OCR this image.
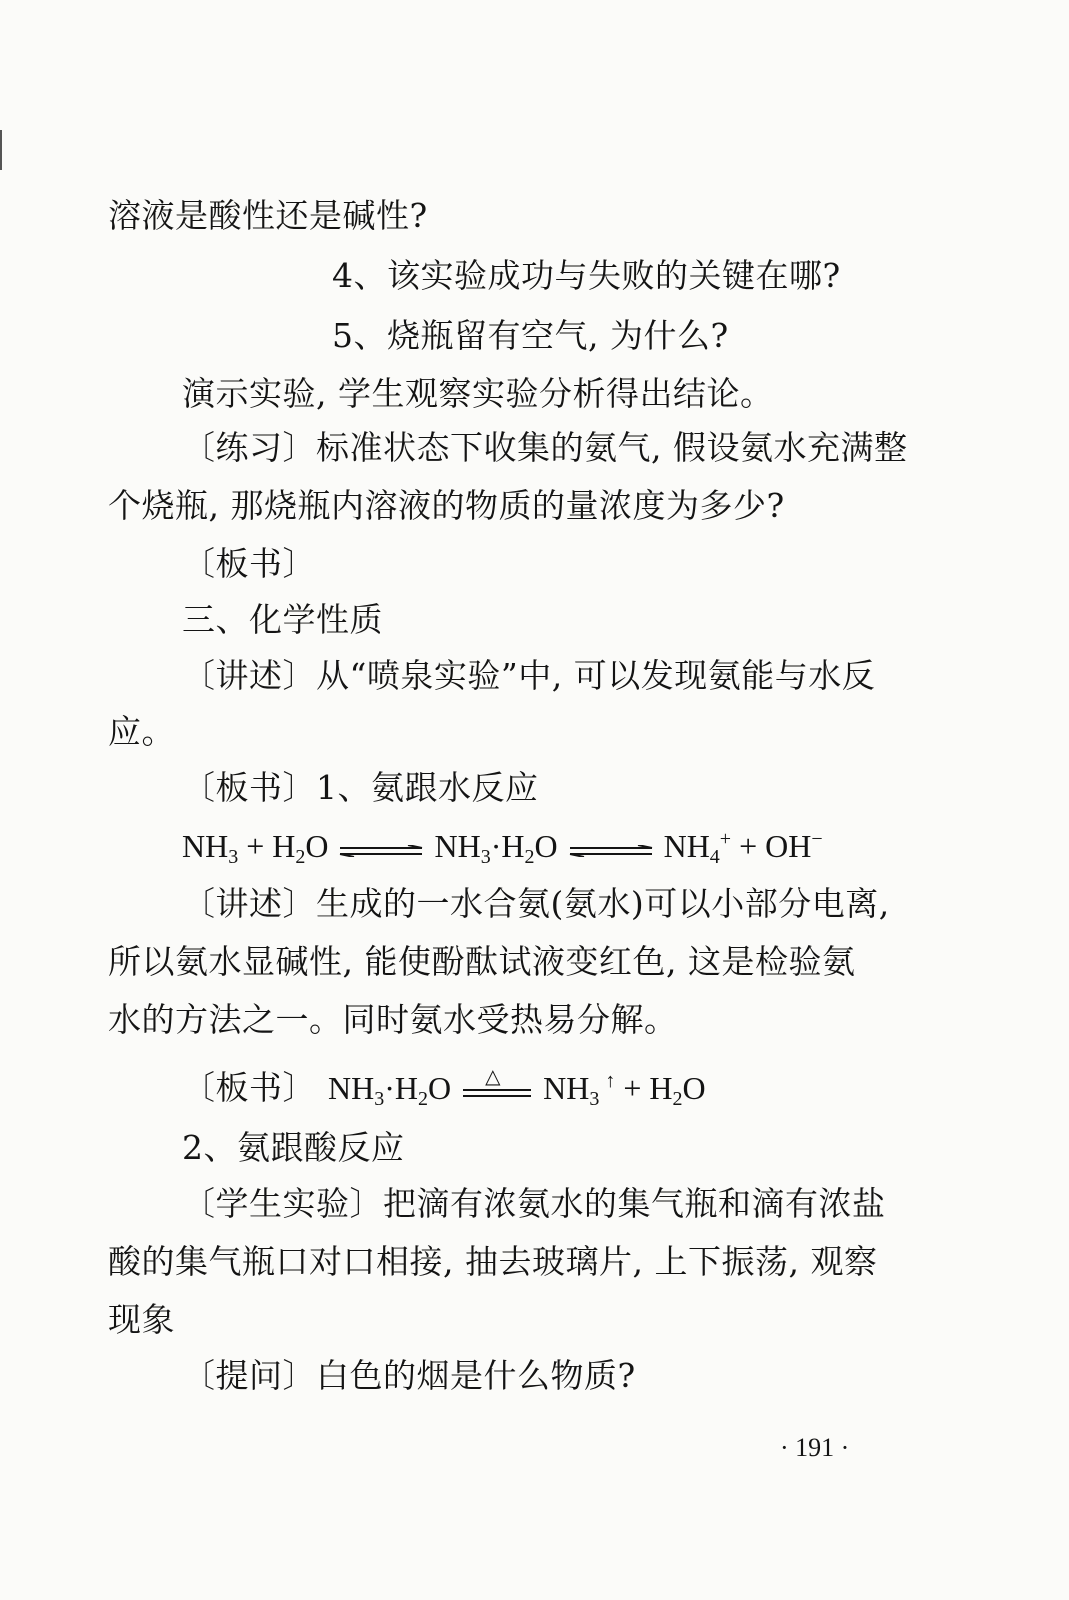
溶液是酸性还是碱性?
4、该实验成功与失败的关键在哪?
5、烧瓶留有空气, 为什么?
演示实验, 学生观察实验分析得出结论。
〔练习〕标准状态下收集的氨气, 假设氨水充满整
个烧瓶, 那烧瓶内溶液的物质的量浓度为多少?
〔板书〕
三、化学性质
〔讲述〕从“喷泉实验”中, 可以发现氨能与水反
应。
〔板书〕1、氨跟水反应
NH3 + H2O ⇌ NH3·H2O ⇌ NH4+ + OH−
〔讲述〕生成的一水合氨(氨水)可以小部分电离,
所以氨水显碱性, 能使酚酞试液变红色, 这是检验氨
水的方法之一。同时氨水受热易分解。
〔板书〕 NH3·H2O △ NH3↑ + H2O
2、氨跟酸反应
〔学生实验〕把滴有浓氨水的集气瓶和滴有浓盐
酸的集气瓶口对口相接, 抽去玻璃片, 上下振荡, 观察
现象
〔提问〕白色的烟是什么物质?
· 191 ·
